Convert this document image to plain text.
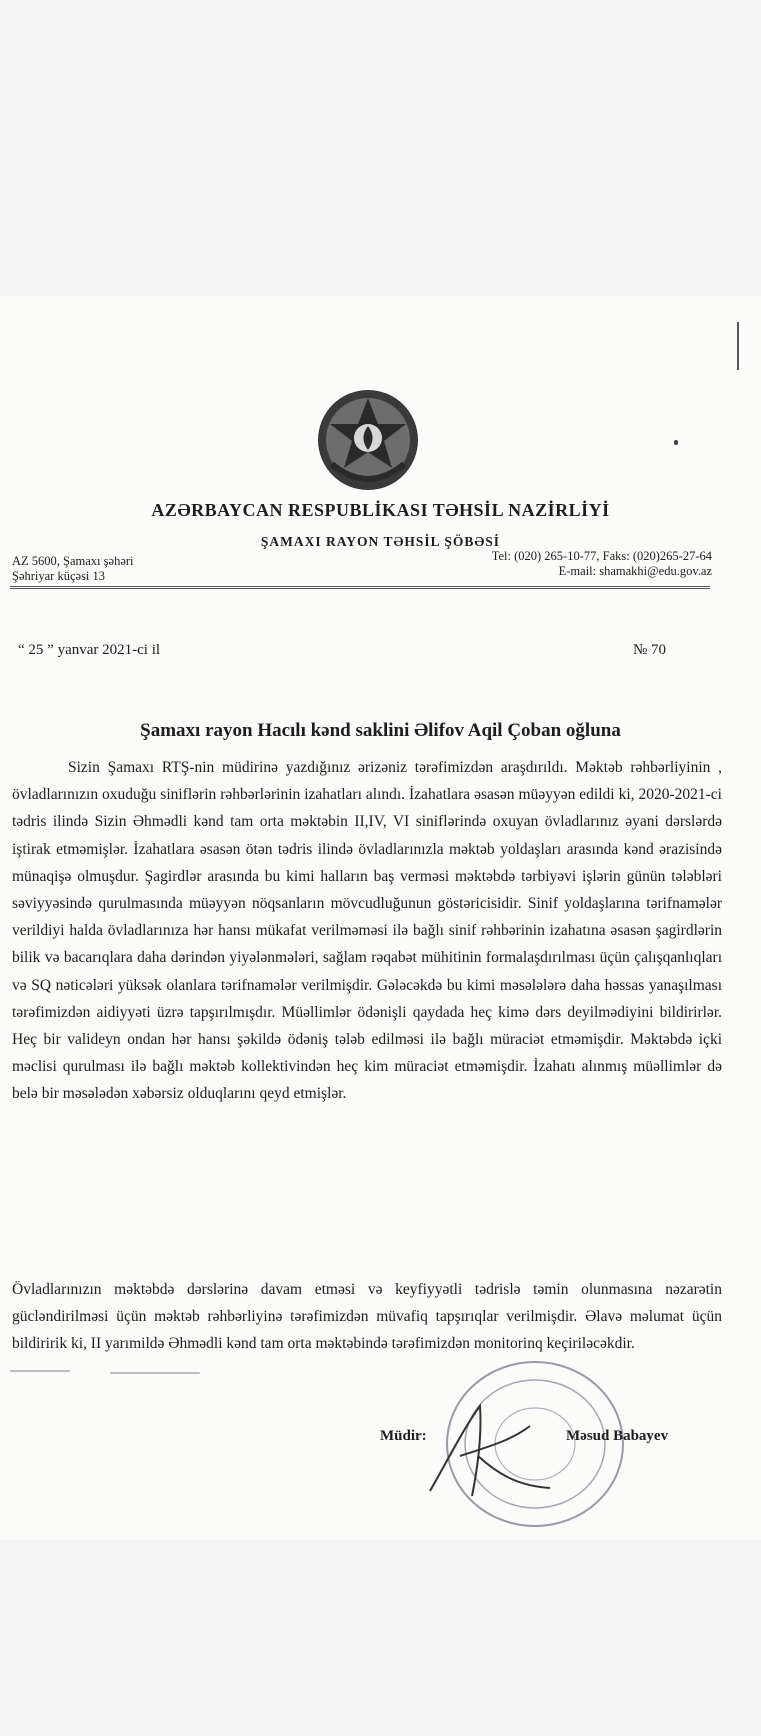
AZƏRBAYCAN RESPUBLİKASI TƏHSİL NAZİRLİYİ
ŞAMAXI RAYON TƏHSİL ŞÖBƏSİ
AZ 5600, Şamaxı şəhəri
Şəhriyar küçəsi 13
Tel: (020) 265-10-77, Faks: (020)265-27-64
E-mail: shamakhi@edu.gov.az
“ 25 ” yanvar 2021-ci il	№ 70
Şamaxı rayon Hacılı kənd saklini Əlifov Aqil Çoban oğluna
Sizin Şamaxı RTŞ-nin müdirinə yazdığınız ərizəniz tərəfimizdən araşdırıldı. Məktəb rəhbərliyinin , övladlarınızın oxuduğu siniflərin rəhbərlərinin izahatları alındı. İzahatlara əsasən müəyyən edildi ki, 2020-2021-ci tədris ilində Sizin Əhmədli kənd tam orta məktəbin II,IV, VI siniflərində oxuyan övladlarınız əyani dərslərdə iştirak etməmişlər. İzahatlara əsasən ötən tədris ilində övladlarınızla məktəb yoldaşları arasında kənd ərazisində münaqişə olmuşdur. Şagirdlər arasında bu kimi halların baş verməsi məktəbdə tərbiyəvi işlərin günün tələbləri səviyyəsində qurulmasında müəyyən nöqsanların mövcudluğunun göstəricisidir. Sinif yoldaşlarına tərifnamələr verildiyi halda övladlarınıza hər hansı mükafat verilməməsi ilə bağlı sinif rəhbərinin izahatına əsasən şagirdlərin bilik və bacarıqlara daha dərindən yiyələnmələri, sağlam rəqabət mühitinin formalaşdırılması üçün çalışqanlıqları və SQ nəticələri yüksək olanlara tərifnamələr verilmişdir. Gələcəkdə bu kimi məsələlərə daha həssas yanaşılması tərəfimizdən aidiyyəti üzrə tapşırılmışdır. Müəllimlər ödənişli qaydada heç kimə dərs deyilmədiyini bildirirlər. Heç bir valideyn ondan hər hansı şəkildə ödəniş tələb edilməsi ilə bağlı müraciət etməmişdir. Məktəbdə içki məclisi qurulması ilə bağlı məktəb kollektivindən heç kim müraciət etməmişdir. İzahatı alınmış müəllimlər də belə bir məsələdən xəbərsiz olduqlarını qeyd etmişlər.
Övladlarınızın məktəbdə dərslərinə davam etməsi və keyfiyyətli tədrislə təmin olunmasına nəzarətin gücləndirilməsi üçün məktəb rəhbərliyinə tərəfimizdən müvafiq tapşırıqlar verilmişdir. Əlavə məlumat üçün bildiririk ki, II yarımildə Əhmədli kənd tam orta məktəbində tərəfimizdən monitorinq keçiriləcəkdir.
Müdir:	Məsud Babayev
